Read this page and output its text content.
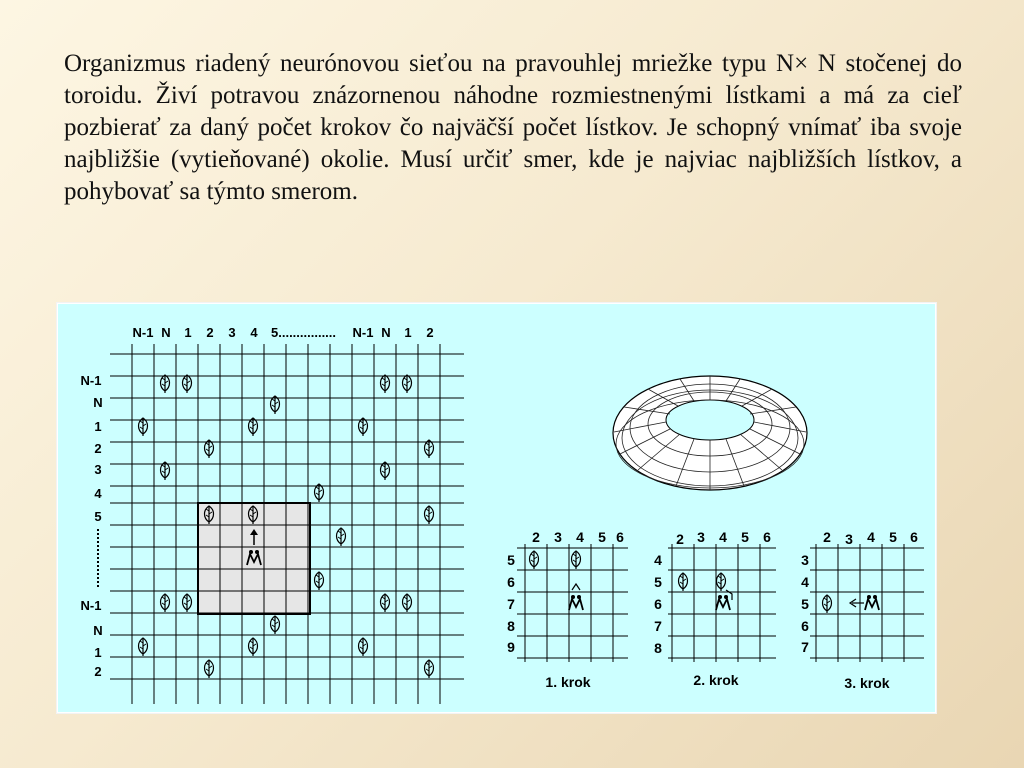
Organizmus riadený neurónovou sieťou na pravouhlej mriežke typu N× N stočenej do toroidu. Živí potravou znázornenou náhodne rozmiestnenými lístkami a má za cieľ pozbierať za daný počet krokov čo najväčší počet lístkov. Je schopný vnímať iba svoje najbližšie (vytieňované) okolie. Musí určiť smer, kde je najviac najbližších lístkov, a pohybovať sa týmto smerom.

N-1 N 1 2 3 4 5................ N-1 N 1 2
N-1
N
1
2
3
4
5
N-1
N
1
2
2 3 4 5 6
5
6
7
8
9
1. krok
2 3 4 5 6
4
5
6
7
8
2. krok
2 3 4 5 6
3
4
5
6
7
3. krok
